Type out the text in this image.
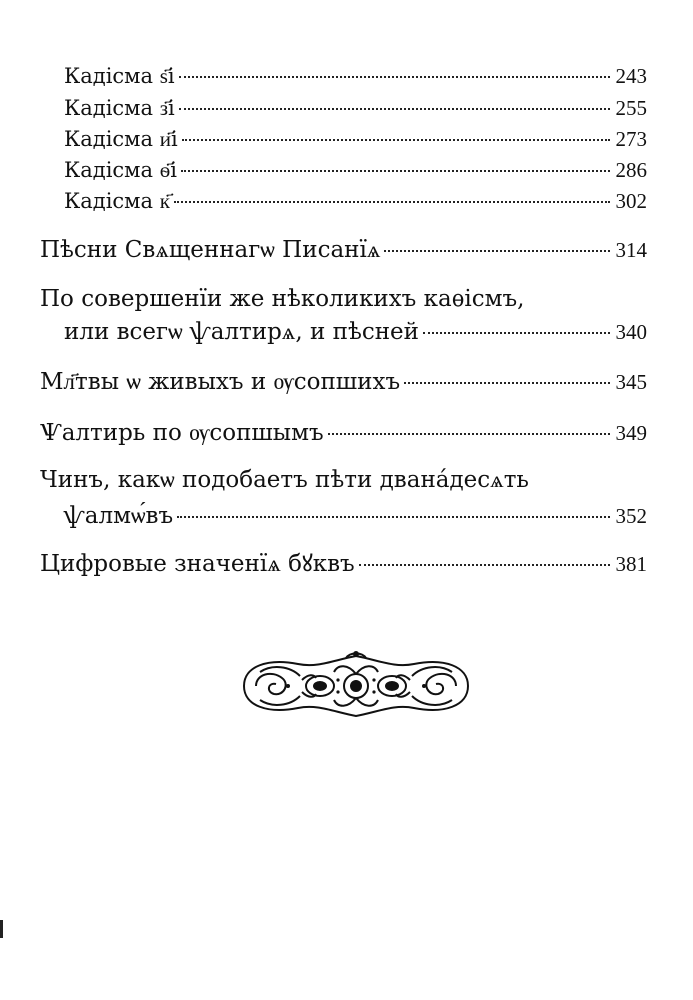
Кадісма ѕ҃і	243
Кадісма з҃і	255
Кадісма и҃і	273
Кадісма ѳ҃і	286
Кадісма к҃	302
Пѣсни Свѧщеннагѡ Писанїѧ	314
По совершенїи же нѣколикихъ каѳісмъ,
или всегѡ ѱалтирѧ, и пѣсней	340
Мл҃твы ѡ живыхъ и ѹсопшихъ	345
Ѱалтирь по ѹсопшымъ	349
Чинъ, какѡ подобаетъ пѣти двана́десѧть
ѱалмѡ́въ	352
Цифровые значенїѧ бꙋквъ	381
